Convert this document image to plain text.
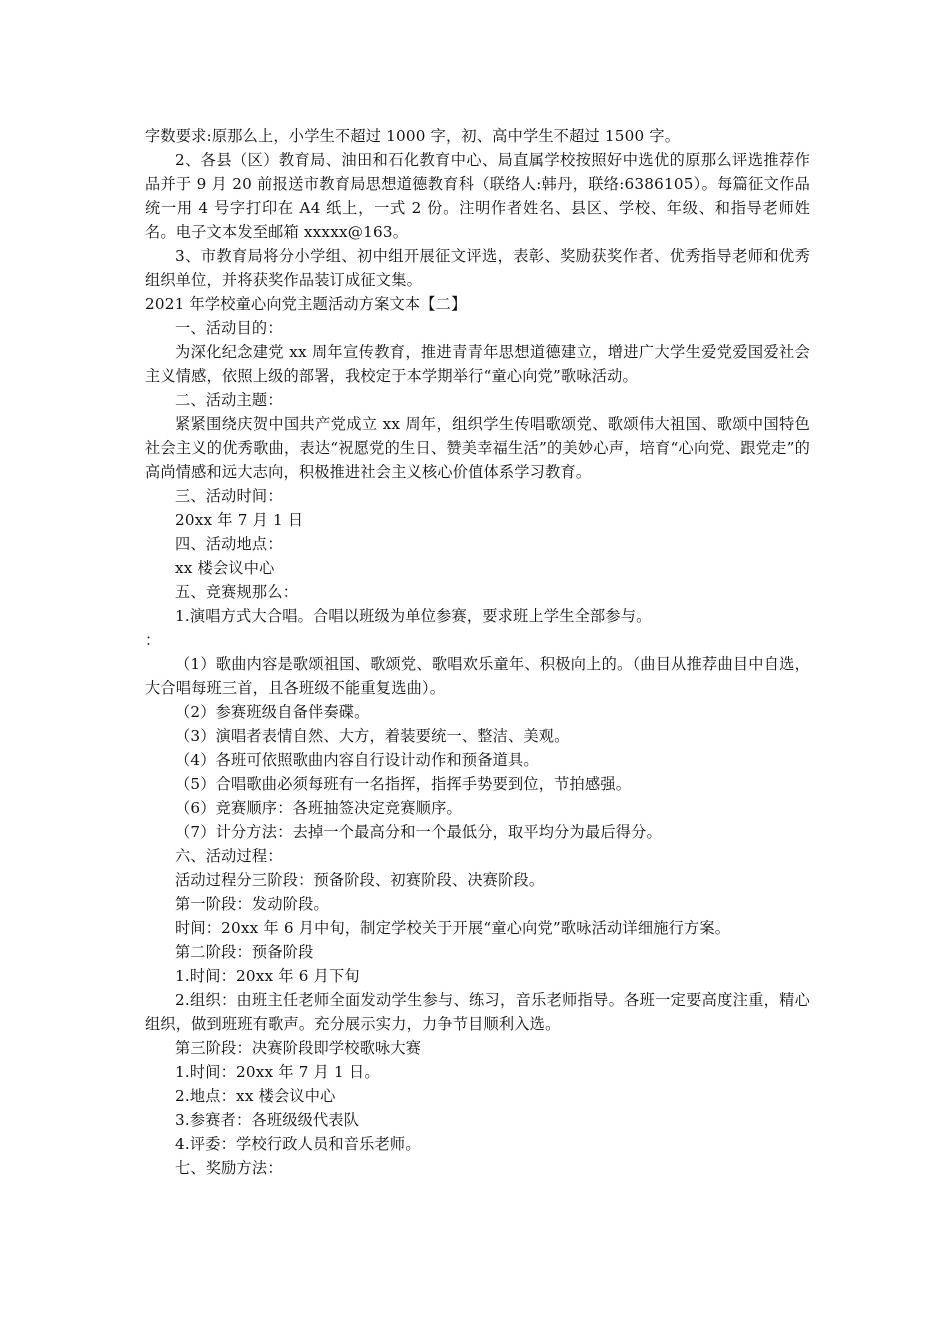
字数要求:原那么上，小学生不超过 1000 字，初、高中学生不超过 1500 字。

2、各县（区）教育局、油田和石化教育中心、局直属学校按照好中选优的原那么评选推荐作品并于 9 月 20 前报送市教育局思想道德教育科（联络人:韩丹，联络:6386105）。每篇征文作品统一用 4 号字打印在 A4 纸上，一式 2 份。注明作者姓名、县区、学校、年级、和指导老师姓名。电子文本发至邮箱 xxxxx@163。

3、市教育局将分小学组、初中组开展征文评选，表彰、奖励获奖作者、优秀指导老师和优秀组织单位，并将获奖作品装订成征文集。

2021 年学校童心向党主题活动方案文本【二】

一、活动目的：

为深化纪念建党 xx 周年宣传教育，推进青青年思想道德建立，增进广大学生爱党爱国爱社会主义情感，依照上级的部署，我校定于本学期举行“童心向党”歌咏活动。

二、活动主题：

紧紧围绕庆贺中国共产党成立 xx 周年，组织学生传唱歌颂党、歌颂伟大祖国、歌颂中国特色社会主义的优秀歌曲，表达“祝愿党的生日、赞美幸福生活”的美妙心声，培育“心向党、跟党走”的高尚情感和远大志向，积极推进社会主义核心价值体系学习教育。

三、活动时间：

20xx 年 7 月 1 日

四、活动地点：

xx 楼会议中心

五、竞赛规那么：

1.演唱方式大合唱。合唱以班级为单位参赛，要求班上学生全部参与。

：

（1）歌曲内容是歌颂祖国、歌颂党、歌唱欢乐童年、积极向上的。（曲目从推荐曲目中自选，大合唱每班三首，且各班级不能重复选曲）。

（2）参赛班级自备伴奏碟。

（3）演唱者表情自然、大方，着装要统一、整洁、美观。

（4）各班可依照歌曲内容自行设计动作和预备道具。

（5）合唱歌曲必须每班有一名指挥，指挥手势要到位，节拍感强。

（6）竞赛顺序：各班抽签决定竞赛顺序。

（7）计分方法：去掉一个最高分和一个最低分，取平均分为最后得分。

六、活动过程：

活动过程分三阶段：预备阶段、初赛阶段、决赛阶段。

第一阶段：发动阶段。

时间：20xx 年 6 月中旬，制定学校关于开展“童心向党”歌咏活动详细施行方案。

第二阶段：预备阶段

1.时间：20xx 年 6 月下旬

2.组织：由班主任老师全面发动学生参与、练习，音乐老师指导。各班一定要高度注重，精心组织，做到班班有歌声。充分展示实力，力争节目顺利入选。

第三阶段：决赛阶段即学校歌咏大赛

1.时间：20xx 年 7 月 1 日。

2.地点：xx 楼会议中心

3.参赛者：各班级级代表队

4.评委：学校行政人员和音乐老师。

七、奖励方法：
